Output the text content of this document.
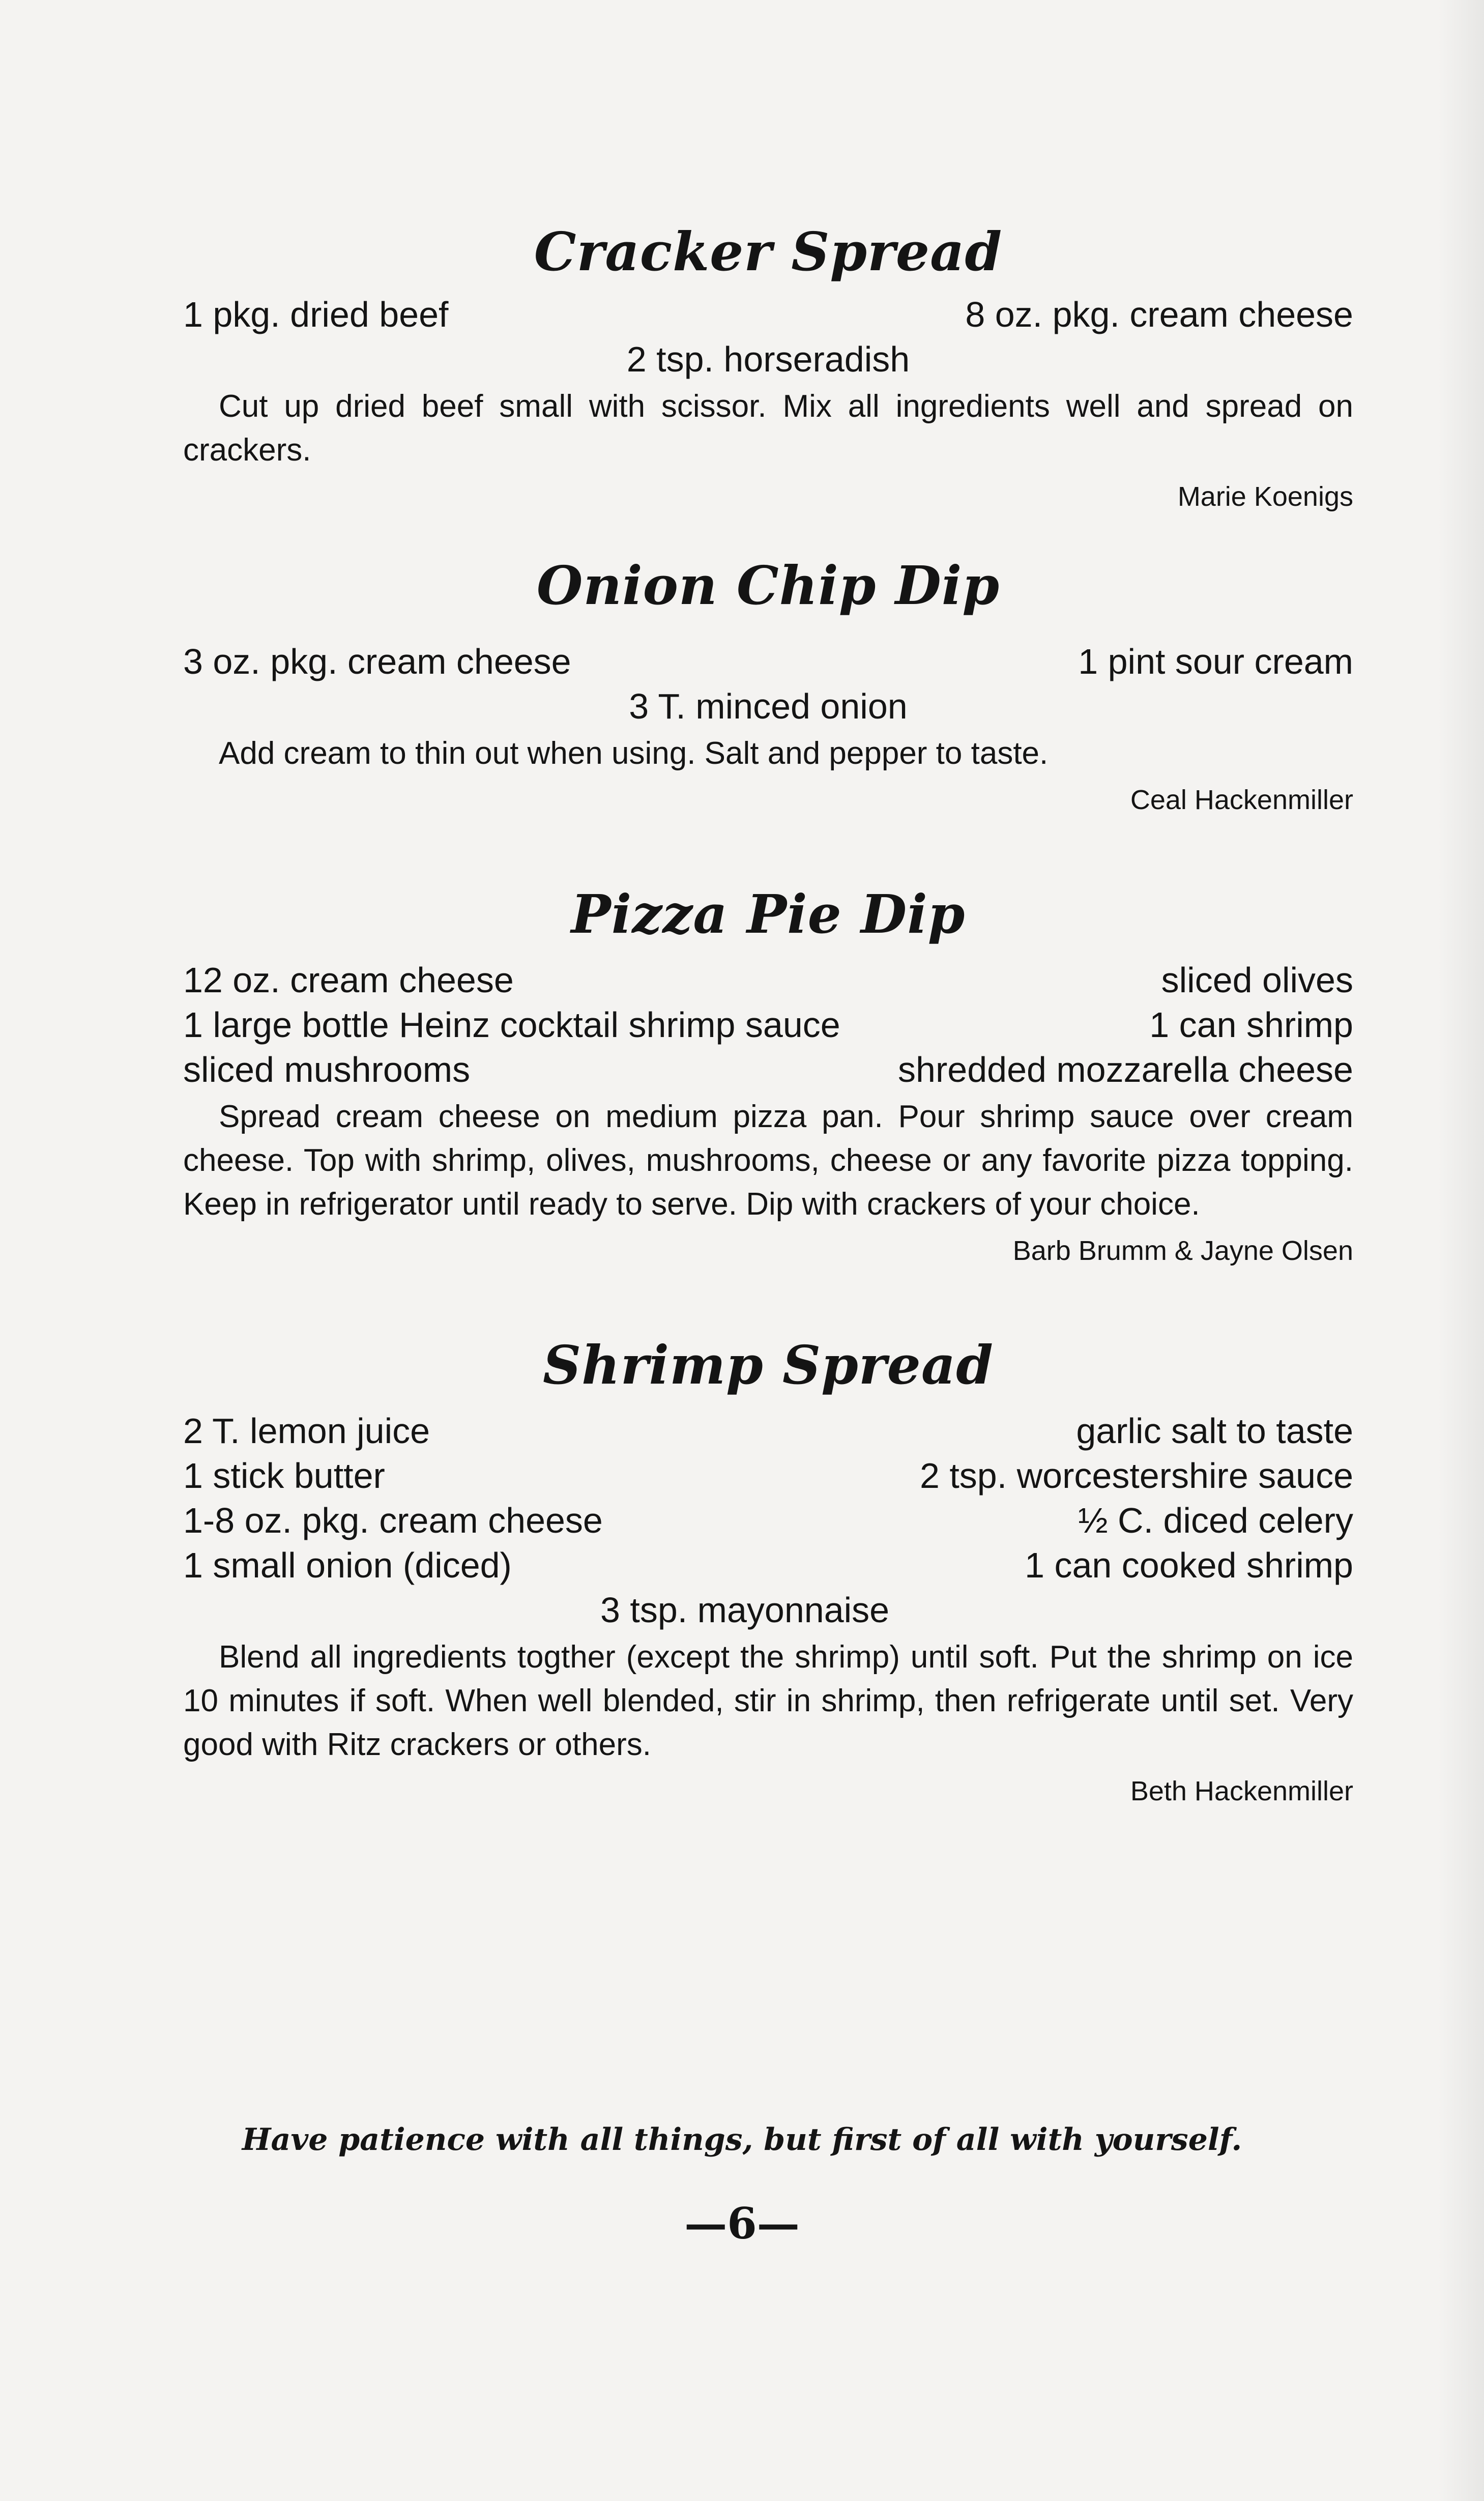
Cracker Spread
1 pkg. dried beef	8 oz. pkg. cream cheese
2 tsp. horseradish

Cut up dried beef small with scissor. Mix all ingredients well and spread on crackers.

Marie Koenigs

Onion Chip Dip
3 oz. pkg. cream cheese	1 pint sour cream
3 T. minced onion

Add cream to thin out when using. Salt and pepper to taste.

Ceal Hackenmiller

Pizza Pie Dip
12 oz. cream cheese	sliced olives
1 large bottle Heinz cocktail shrimp sauce	1 can shrimp
sliced mushrooms	shredded mozzarella cheese

Spread cream cheese on medium pizza pan. Pour shrimp sauce over cream cheese. Top with shrimp, olives, mushrooms, cheese or any favorite pizza topping. Keep in refrigerator until ready to serve. Dip with crackers of your choice.

Barb Brumm & Jayne Olsen

Shrimp Spread
2 T. lemon juice	garlic salt to taste
1 stick butter	2 tsp. worcestershire sauce
1-8 oz. pkg. cream cheese	½ C. diced celery
1 small onion (diced)	1 can cooked shrimp
3 tsp. mayonnaise

Blend all ingredients togther (except the shrimp) until soft. Put the shrimp on ice 10 minutes if soft. When well blended, stir in shrimp, then refrigerate until set. Very good with Ritz crackers or others.

Beth Hackenmiller

Have patience with all things, but first of all with yourself.
—6—
